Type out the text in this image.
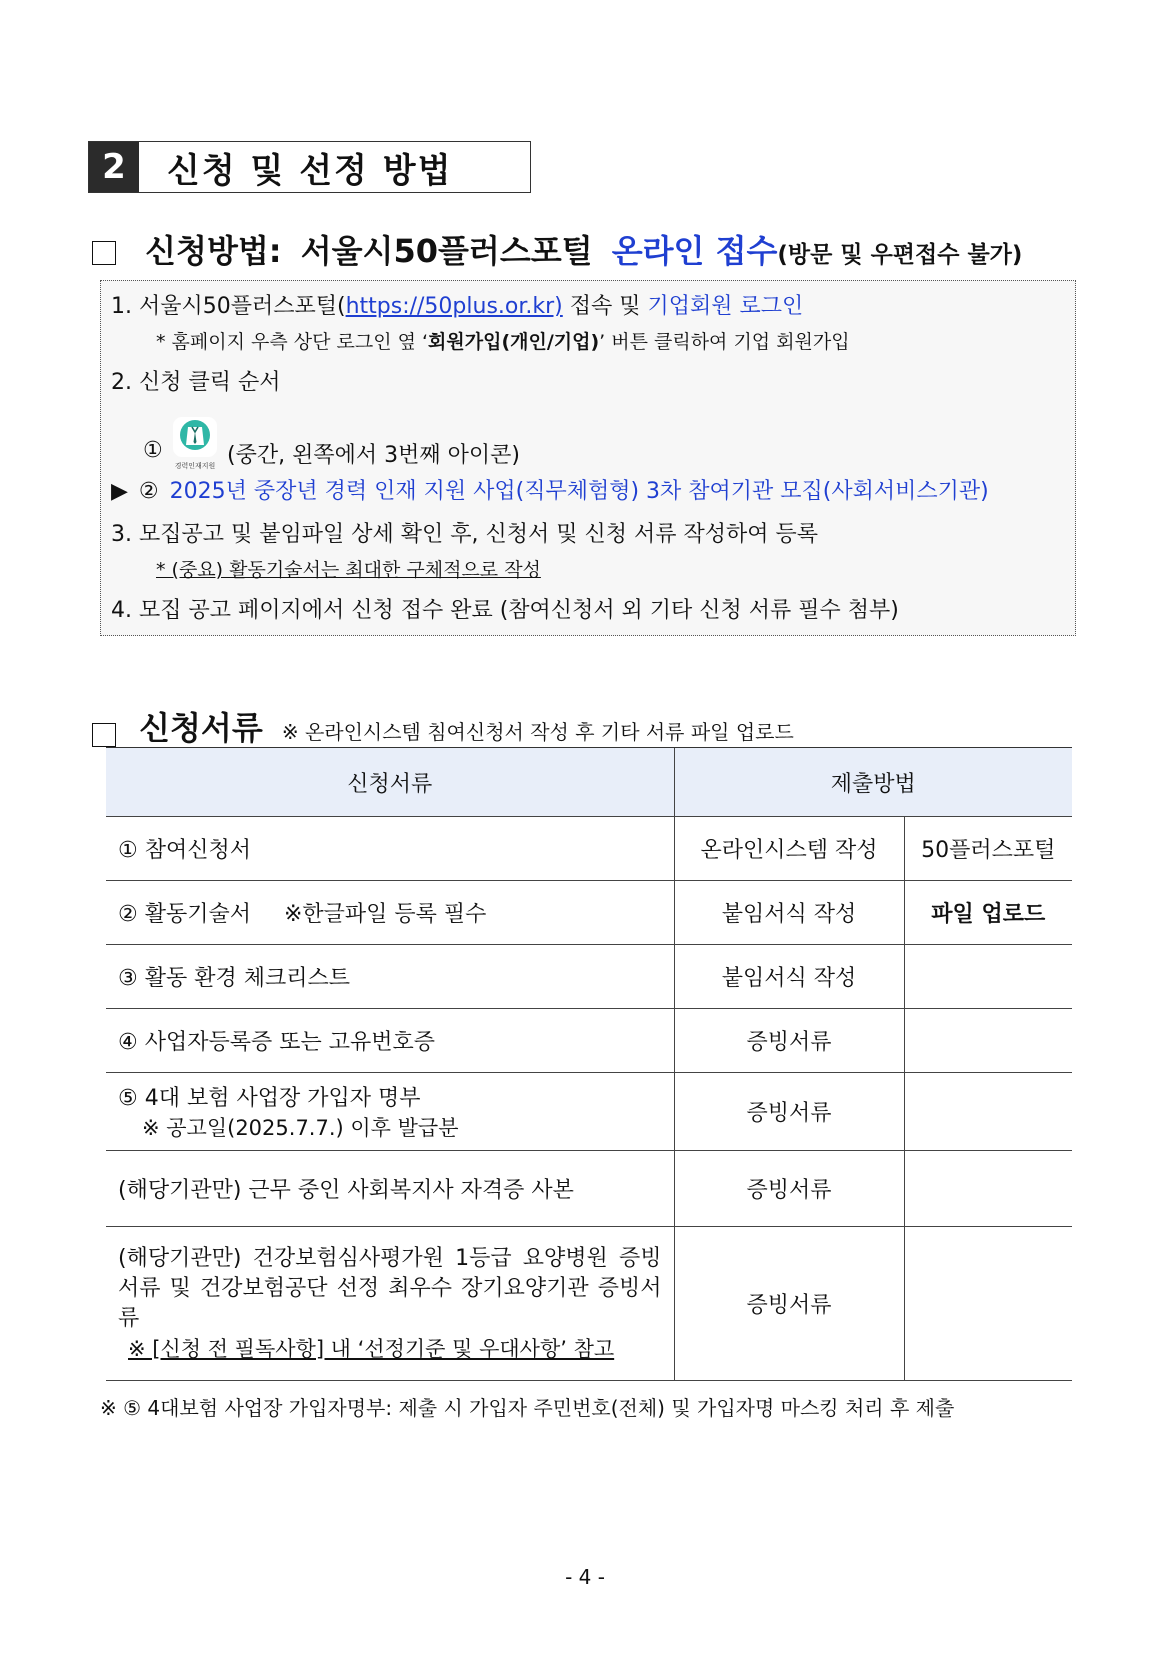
2	신청 및 선정 방법
신청방법: 서울시50플러스포털 온라인 접수(방문 및 우편접수 불가)
1. 서울시50플러스포털(https://50plus.or.kr) 접속 및 기업회원 로그인
* 홈페이지 우측 상단 로그인 옆 ‘회원가입(개인/기업)’ 버튼 클릭하여 기업 회원가입
2. 신청 클릭 순서
①
경력인재지원 (중간, 왼쪽에서 3번째 아이콘)
▶ ② 2025년 중장년 경력 인재 지원 사업(직무체험형) 3차 참여기관 모집(사회서비스기관)
3. 모집공고 및 붙임파일 상세 확인 후, 신청서 및 신청 서류 작성하여 등록
* (중요) 활동기술서는 최대한 구체적으로 작성
4. 모집 공고 페이지에서 신청 접수 완료 (참여신청서 외 기타 신청 서류 필수 첨부)
신청서류 ※ 온라인시스템 침여신청서 작성 후 기타 서류 파일 업로드
신청서류	제출방법	
① 참여신청서	온라인시스템 작성	50플러스포털
② 활동기술서 ※한글파일 등록 필수	붙임서식 작성	파일 업로드
③ 활동 환경 체크리스트	붙임서식 작성	
④ 사업자등록증 또는 고유번호증	증빙서류	

⑤ 4대 보험 사업장 가입자 명부
※ 공고일(2025.7.7.) 이후 발급분	증빙서류	
(해당기관만) 근무 중인 사회복지사 자격증 사본	증빙서류	

(해당기관만) 건강보험심사평가원 1등급 요양병원 증빙서류 및 건강보험공단 선정 최우수 장기요양기관 증빙서류
※ [신청 전 필독사항] 내 ‘선정기준 및 우대사항’ 참고	증빙서류	
※ ⑤ 4대보험 사업장 가입자명부: 제출 시 가입자 주민번호(전체) 및 가입자명 마스킹 처리 후 제출
- 4 -
